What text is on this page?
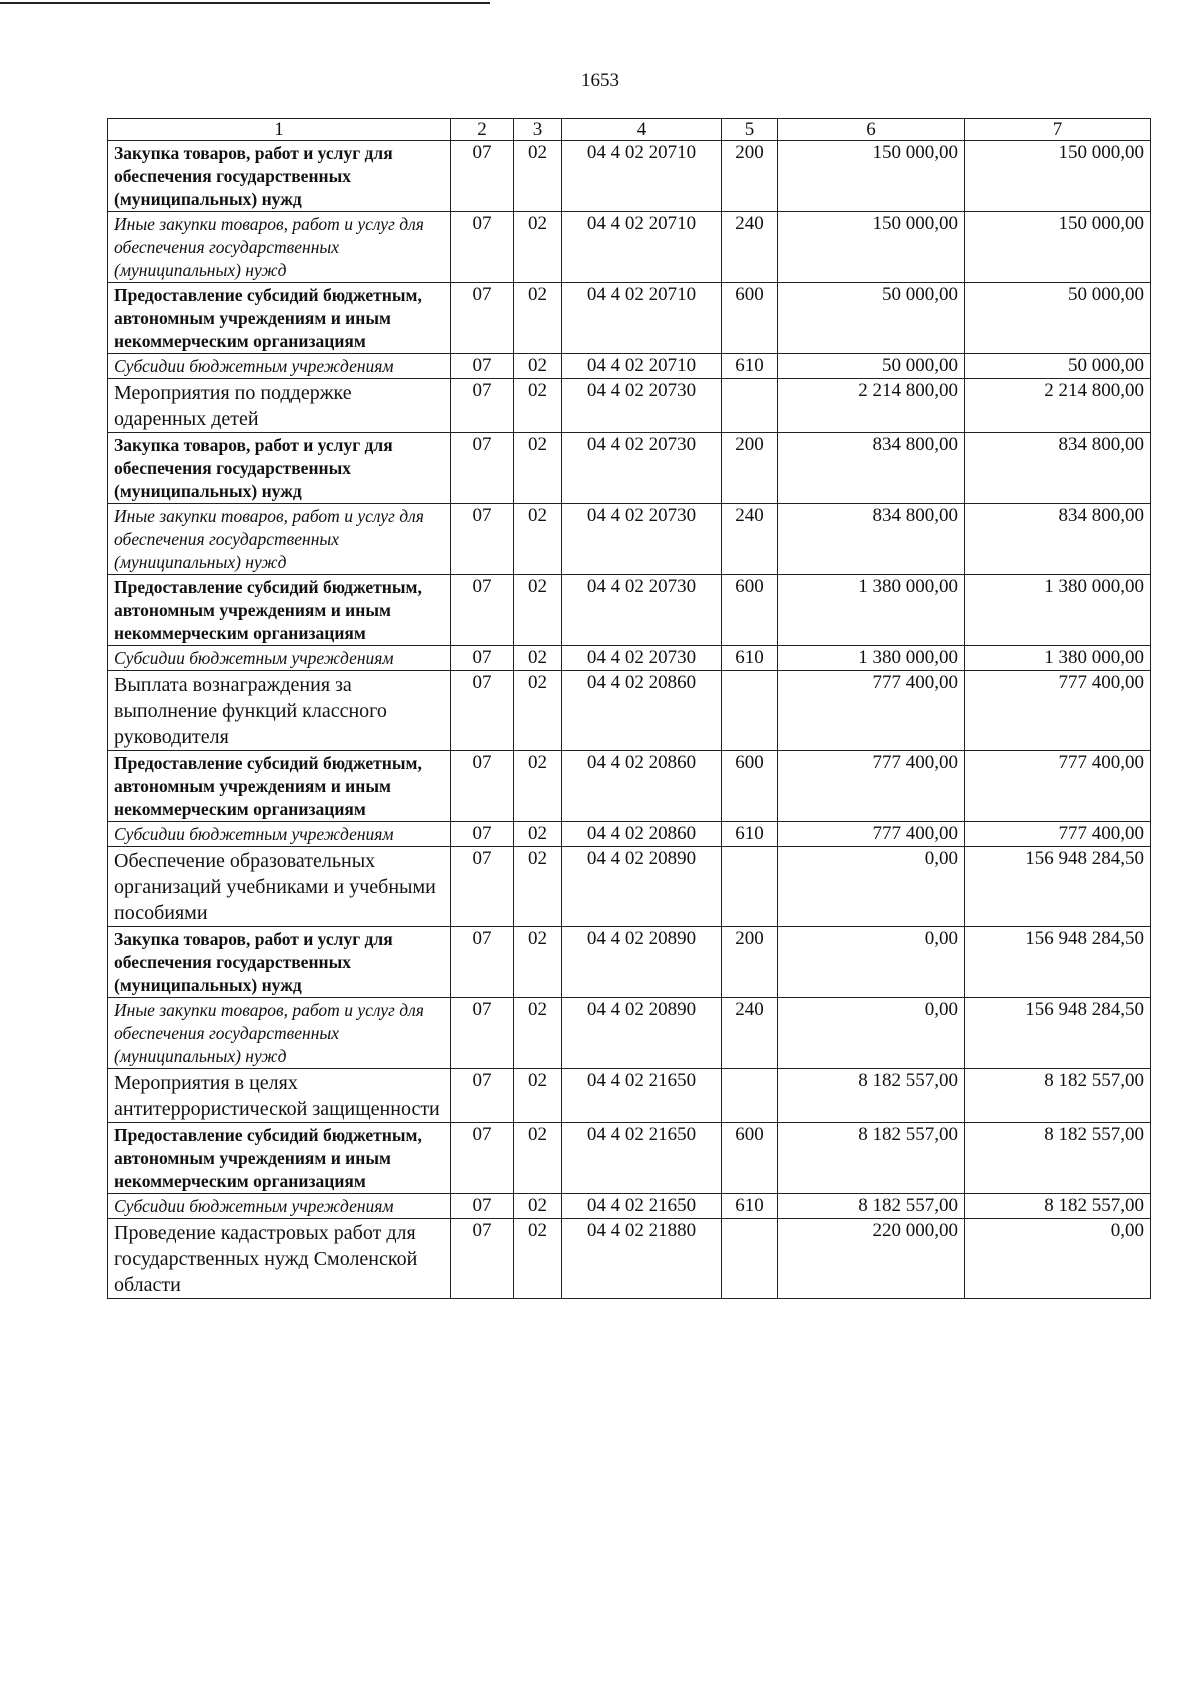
1653
1	2	3	4	5	6	7
Закупка товаров, работ и услуг для обеспечения государственных (муниципальных) нужд	07	02	04 4 02 20710	200	150 000,00	150 000,00
Иные закупки товаров, работ и услуг для обеспечения государственных (муниципальных) нужд	07	02	04 4 02 20710	240	150 000,00	150 000,00
Предоставление субсидий бюджетным, автономным учреждениям и иным некоммерческим организациям	07	02	04 4 02 20710	600	50 000,00	50 000,00
Субсидии бюджетным учреждениям	07	02	04 4 02 20710	610	50 000,00	50 000,00
Мероприятия по поддержке одаренных детей	07	02	04 4 02 20730		2 214 800,00	2 214 800,00
Закупка товаров, работ и услуг для обеспечения государственных (муниципальных) нужд	07	02	04 4 02 20730	200	834 800,00	834 800,00
Иные закупки товаров, работ и услуг для обеспечения государственных (муниципальных) нужд	07	02	04 4 02 20730	240	834 800,00	834 800,00
Предоставление субсидий бюджетным, автономным учреждениям и иным некоммерческим организациям	07	02	04 4 02 20730	600	1 380 000,00	1 380 000,00
Субсидии бюджетным учреждениям	07	02	04 4 02 20730	610	1 380 000,00	1 380 000,00
Выплата вознаграждения за выполнение функций классного руководителя	07	02	04 4 02 20860		777 400,00	777 400,00
Предоставление субсидий бюджетным, автономным учреждениям и иным некоммерческим организациям	07	02	04 4 02 20860	600	777 400,00	777 400,00
Субсидии бюджетным учреждениям	07	02	04 4 02 20860	610	777 400,00	777 400,00
Обеспечение образовательных организаций учебниками и учебными пособиями	07	02	04 4 02 20890		0,00	156 948 284,50
Закупка товаров, работ и услуг для обеспечения государственных (муниципальных) нужд	07	02	04 4 02 20890	200	0,00	156 948 284,50
Иные закупки товаров, работ и услуг для обеспечения государственных (муниципальных) нужд	07	02	04 4 02 20890	240	0,00	156 948 284,50
Мероприятия в целях антитеррористической защищенности	07	02	04 4 02 21650		8 182 557,00	8 182 557,00
Предоставление субсидий бюджетным, автономным учреждениям и иным некоммерческим организациям	07	02	04 4 02 21650	600	8 182 557,00	8 182 557,00
Субсидии бюджетным учреждениям	07	02	04 4 02 21650	610	8 182 557,00	8 182 557,00
Проведение кадастровых работ для государственных нужд Смоленской области	07	02	04 4 02 21880		220 000,00	0,00
